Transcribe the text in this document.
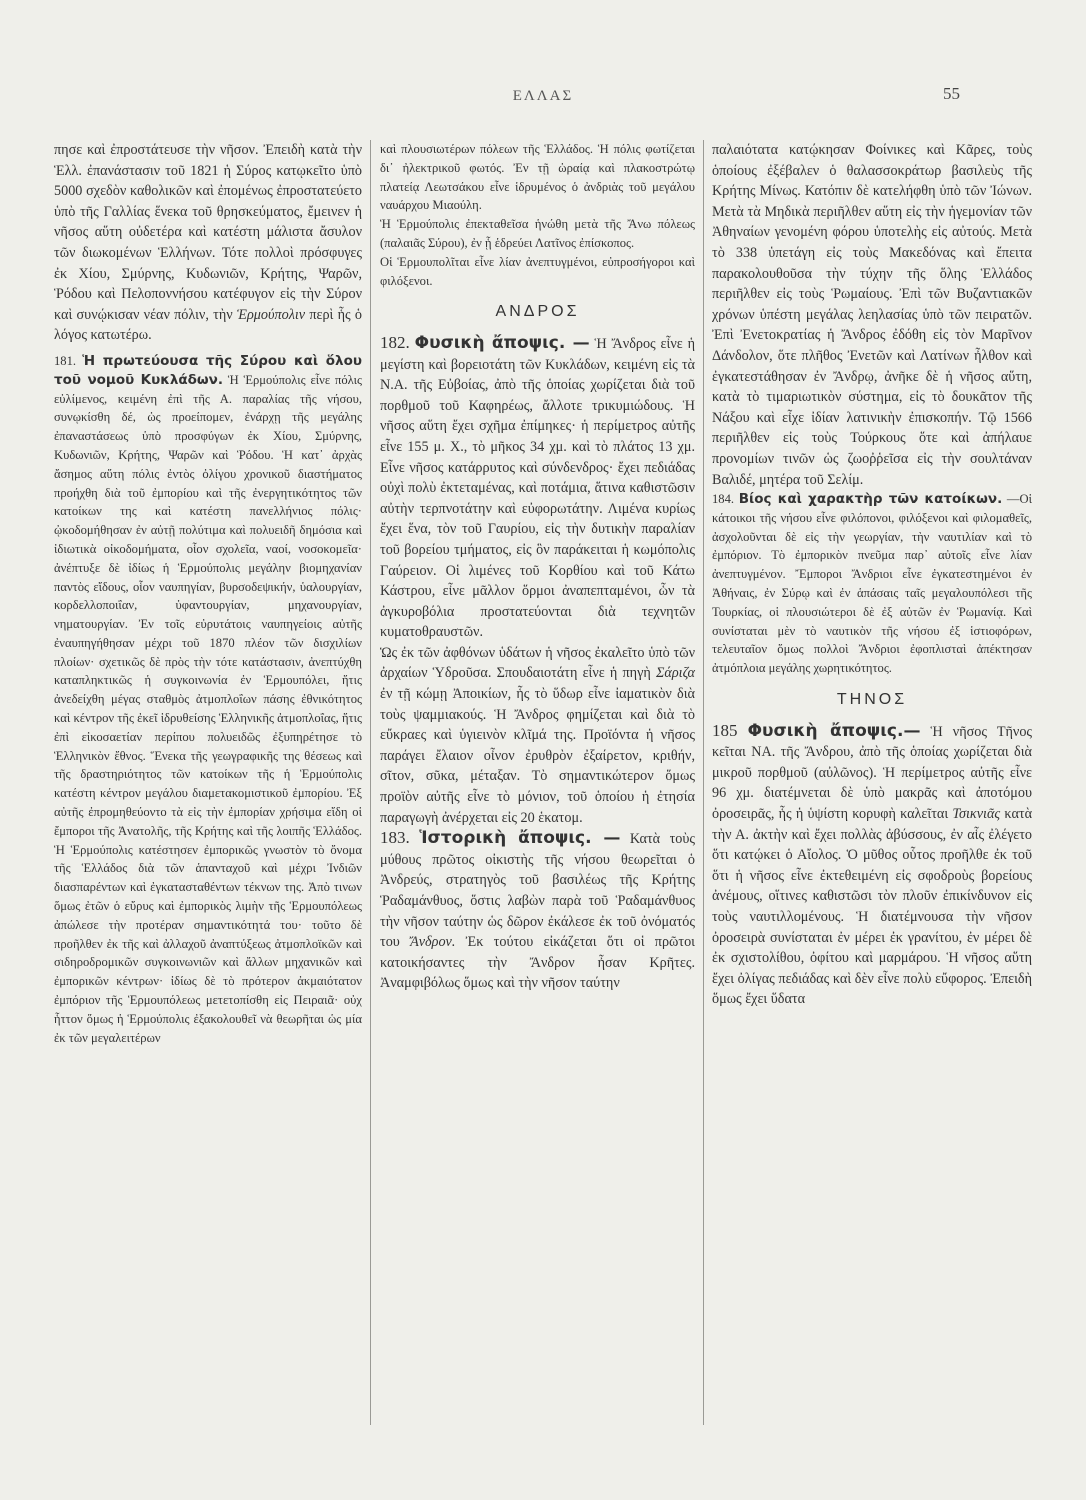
ΕΛΛΑΣ	55

πησε καὶ ἐπροστάτευσε τὴν νῆσον. Ἐπειδὴ κατὰ τὴν Ἑλλ. ἐπανάστασιν τοῦ 1821 ἡ Σύρος κατῳκεῖτο ὑπὸ 5000 σχεδὸν καθολικῶν καὶ ἐπομένως ἐπροστατεύετο ὑπὸ τῆς Γαλλίας ἕνεκα τοῦ θρησκεύματος, ἔμεινεν ἡ νῆσος αὕτη οὐδετέρα καὶ κατέστη μάλιστα ἄσυλον τῶν διωκομένων Ἑλλήνων. Τότε πολλοὶ πρόσφυγες ἐκ Χίου, Σμύρνης, Κυδωνιῶν, Κρήτης, Ψαρῶν, Ῥόδου καὶ Πελοποννήσου κατέφυγον εἰς τὴν Σύρον καὶ συνῴκισαν νέαν πόλιν, τὴν Ἑρμούπολιν περὶ ἧς ὁ λόγος κατωτέρω.

181. Ἡ πρωτεύουσα τῆς Σύρου καὶ ὅλου τοῦ νομοῦ Κυκλάδων. Ἡ Ἑρμούπολις εἶνε πόλις εὐλίμενος, κειμένη ἐπὶ τῆς Α. παραλίας τῆς νήσου, συνῳκίσθη δέ, ὡς προείπομεν, ἐνάρχῃ τῆς μεγάλης ἐπαναστάσεως ὑπὸ προσφύγων ἐκ Χίου, Σμύρνης, Κυδωνιῶν, Κρήτης, Ψαρῶν καὶ Ῥόδου. Ἡ κατ᾿ ἀρχὰς ἄσημος αὕτη πόλις ἐντὸς ὀλίγου χρονικοῦ διαστήματος προήχθη διὰ τοῦ ἐμπορίου καὶ τῆς ἐνεργητικότητος τῶν κατοίκων της καὶ κατέστη πανελλήνιος πόλις· ᾠκοδομήθησαν ἐν αὐτῇ πολύτιμα καὶ πολυειδῆ δημόσια καὶ ἰδιωτικὰ οἰκοδομήματα, οἷον σχολεῖα, ναοί, νοσοκομεῖα· ἀνέπτυξε δὲ ἰδίως ἡ Ἑρμούπολις μεγάλην βιομηχανίαν παντὸς εἴδους, οἷον ναυπηγίαν, βυρσοδεψικήν, ὑαλουργίαν, κορδελλοποιΐαν, ὑφαντουργίαν, μηχανουργίαν, νηματουργίαν. Ἐν τοῖς εὐρυτάτοις ναυπηγείοις αὐτῆς ἐναυπηγήθησαν μέχρι τοῦ 1870 πλέον τῶν δισχιλίων πλοίων· σχετικῶς δὲ πρὸς τὴν τότε κατάστασιν, ἀνεπτύχθη καταπληκτικῶς ἡ συγκοινωνία ἐν Ἑρμουπόλει, ἥτις ἀνεδείχθη μέγας σταθμὸς ἀτμοπλοΐων πάσης ἐθνικότητος καὶ κέντρον τῆς ἐκεῖ ἱδρυθείσης Ἑλληνικῆς ἀτμοπλοΐας, ἥτις ἐπὶ εἰκοσαετίαν περίπου πολυειδῶς ἐξυπηρέτησε τὸ Ἑλληνικὸν ἔθνος. Ἕνεκα τῆς γεωγραφικῆς της θέσεως καὶ τῆς δραστηριότητος τῶν κατοίκων τῆς ἡ Ἑρμούπολις κατέστη κέντρον μεγάλου διαμετακομιστικοῦ ἐμπορίου. Ἐξ αὐτῆς ἐπρομηθεύοντο τὰ εἰς τὴν ἐμπορίαν χρήσιμα εἴδη οἱ ἔμποροι τῆς Ἀνατολῆς, τῆς Κρήτης καὶ τῆς λοιπῆς Ἑλλάδος. Ἡ Ἑρμούπολις κατέστησεν ἐμπορικῶς γνωστὸν τὸ ὄνομα τῆς Ἑλλάδος διὰ τῶν ἁπανταχοῦ καὶ μέχρι Ἰνδιῶν διασπαρέντων καὶ ἐγκατασταθέντων τέκνων της. Ἀπὸ τινων ὅμως ἐτῶν ὁ εὔρυς καὶ ἐμπορικὸς λιμὴν τῆς Ἑρμουπόλεως ἀπώλεσε τὴν προτέραν σημαντικότητά του· τοῦτο δὲ προῆλθεν ἐκ τῆς καὶ ἀλλαχοῦ ἀναπτύξεως ἀτμοπλοϊκῶν καὶ σιδηροδρομικῶν συγκοινωνιῶν καὶ ἄλλων μηχανικῶν καὶ ἐμπορικῶν κέντρων· ἰδίως δὲ τὸ πρότερον ἀκμαιότατον ἐμπόριον τῆς Ἑρμουπόλεως μετετοπίσθη εἰς Πειραιᾶ· οὐχ ἧττον ὅμως ἡ Ἑρμούπολις ἐξακολουθεῖ νὰ θεωρῆται ὡς μία ἐκ τῶν μεγαλειτέρων

καὶ πλουσιωτέρων πόλεων τῆς Ἑλλάδος. Ἡ πόλις φωτίζεται δι᾿ ἠλεκτρικοῦ φωτός. Ἐν τῇ ὡραίᾳ καὶ πλακοστρώτῳ πλατείᾳ Λεωτσάκου εἶνε ἱδρυμένος ὁ ἀνδριὰς τοῦ μεγάλου ναυάρχου Μιαούλη.

Ἡ Ἑρμούπολις ἐπεκταθεῖσα ἡνώθη μετὰ τῆς Ἄνω πόλεως (παλαιᾶς Σύρου), ἐν ᾗ ἑδρεύει Λατῖνος ἐπίσκοπος.

Οἱ Ἑρμουπολῖται εἶνε λίαν ἀνεπτυγμένοι, εὐπροσήγοροι καὶ φιλόξενοι.

ΑΝΔΡΟΣ

182. Φυσικὴ ἄποψις. — Ἡ Ἄνδρος εἶνε ἡ μεγίστη καὶ βορειοτάτη τῶν Κυκλάδων, κειμένη εἰς τὰ Ν.Α. τῆς Εὐβοίας, ἀπὸ τῆς ὁποίας χωρίζεται διὰ τοῦ πορθμοῦ τοῦ Καφηρέως, ἄλλοτε τρικυμιώδους. Ἡ νῆσος αὕτη ἔχει σχῆμα ἐπίμηκες· ἡ περίμετρος αὐτῆς εἶνε 155 μ. Χ., τὸ μῆκος 34 χμ. καὶ τὸ πλάτος 13 χμ. Εἶνε νῆσος κατάρρυτος καὶ σύνδενδρος· ἔχει πεδιάδας οὐχὶ πολὺ ἐκτεταμένας, καὶ ποτάμια, ἅτινα καθιστῶσιν αὐτὴν τερπνοτάτην καὶ εὐφορωτάτην. Λιμένα κυρίως ἔχει ἕνα, τὸν τοῦ Γαυρίου, εἰς τὴν δυτικὴν παραλίαν τοῦ βορείου τμήματος, εἰς ὃν παράκειται ἡ κωμόπολις Γαύρειον. Οἱ λιμένες τοῦ Κορθίου καὶ τοῦ Κάτω Κάστρου, εἶνε μᾶλλον ὅρμοι ἀναπεπταμένοι, ὧν τὰ ἀγκυροβόλια προστατεύονται διὰ τεχνητῶν κυματοθραυστῶν.

Ὡς ἐκ τῶν ἀφθόνων ὑδάτων ἡ νῆσος ἐκαλεῖτο ὑπὸ τῶν ἀρχαίων Ὑδροῦσα. Σπουδαιοτάτη εἶνε ἡ πηγὴ Σάριζα ἐν τῇ κώμῃ Ἀποικίων, ἧς τὸ ὕδωρ εἶνε ἰαματικὸν διὰ τοὺς ψαμμιακούς. Ἡ Ἄνδρος φημίζεται καὶ διὰ τὸ εὔκραες καὶ ὑγιεινὸν κλῖμά της. Προϊόντα ἡ νῆσος παράγει ἔλαιον οἶνον ἐρυθρὸν ἐξαίρετον, κριθήν, σῖτον, σῦκα, μέταξαν. Τὸ σημαντικώτερον ὅμως προϊὸν αὐτῆς εἶνε τὸ μόνιον, τοῦ ὁποίου ἡ ἐτησία παραγωγὴ ἀνέρχεται εἰς 20 ἑκατομ.

183. Ἱστορικὴ ἄποψις. — Κατὰ τοὺς μύθους πρῶτος οἰκιστὴς τῆς νήσου θεωρεῖται ὁ Ἀνδρεύς, στρατηγὸς τοῦ βασιλέως τῆς Κρήτης Ῥαδαμάνθυος, ὅστις λαβὼν παρὰ τοῦ Ῥαδαμάνθυος τὴν νῆσον ταύτην ὡς δῶρον ἐκάλεσε ἐκ τοῦ ὀνόματός του Ἄνδρον. Ἐκ τούτου εἰκάζεται ὅτι οἱ πρῶτοι κατοικήσαντες τὴν Ἄνδρον ἦσαν Κρῆτες. Ἀναμφιβόλως ὅμως καὶ τὴν νῆσον ταύτην

παλαιότατα κατῴκησαν Φοίνικες καὶ Κᾶρες, τοὺς ὁποίους ἐξέβαλεν ὁ θαλασσοκράτωρ βασιλεὺς τῆς Κρήτης Μίνως. Κατόπιν δὲ κατελήφθη ὑπὸ τῶν Ἰώνων. Μετὰ τὰ Μηδικὰ περιῆλθεν αὕτη εἰς τὴν ἡγεμονίαν τῶν Ἀθηναίων γενομένη φόρου ὑποτελὴς εἰς αὐτούς. Μετὰ τὸ 338 ὑπετάγη εἰς τοὺς Μακεδόνας καὶ ἔπειτα παρακολουθοῦσα τὴν τύχην τῆς ὅλης Ἑλλάδος περιῆλθεν εἰς τοὺς Ῥωμαίους. Ἐπὶ τῶν Βυζαντιακῶν χρόνων ὑπέστη μεγάλας λεηλασίας ὑπὸ τῶν πειρατῶν. Ἐπὶ Ἐνετοκρατίας ἡ Ἄνδρος ἐδόθη εἰς τὸν Μαρῖνον Δάνδολον, ὅτε πλῆθος Ἐνετῶν καὶ Λατίνων ἦλθον καὶ ἐγκατεστάθησαν ἐν Ἄνδρῳ, ἀνῆκε δὲ ἡ νῆσος αὕτη, κατὰ τὸ τιμαριωτικὸν σύστημα, εἰς τὸ δουκᾶτον τῆς Νάξου καὶ εἶχε ἰδίαν λατινικὴν ἐπισκοπήν. Τῷ 1566 περιῆλθεν εἰς τοὺς Τούρκους ὅτε καὶ ἀπήλαυε προνομίων τινῶν ὡς ζωοῤῥεῖσα εἰς τὴν σουλτάναν Βαλιδέ, μητέρα τοῦ Σελίμ.

184. Βίος καὶ χαρακτὴρ τῶν κατοίκων. —Οἱ κάτοικοι τῆς νήσου εἶνε φιλόπονοι, φιλόξενοι καὶ φιλομαθεῖς, ἀσχολοῦνται δὲ εἰς τὴν γεωργίαν, τὴν ναυτιλίαν καὶ τὸ ἐμπόριον. Τὸ ἐμπορικὸν πνεῦμα παρ᾿ αὐτοῖς εἶνε λίαν ἀνεπτυγμένον. Ἔμποροι Ἄνδριοι εἶνε ἐγκατεστημένοι ἐν Ἀθήναις, ἐν Σύρῳ καὶ ἐν ἁπάσαις ταῖς μεγαλουπόλεσι τῆς Τουρκίας, οἱ πλουσιώτεροι δὲ ἐξ αὐτῶν ἐν Ῥωμανίᾳ. Καὶ συνίσταται μὲν τὸ ναυτικὸν τῆς νήσου ἐξ ἱστιοφόρων, τελευταῖον ὅμως πολλοὶ Ἄνδριοι ἐφοπλισταὶ ἀπέκτησαν ἀτμόπλοια μεγάλης χωρητικότητος.

ΤΗΝΟΣ

185 Φυσικὴ ἄποψις.— Ἡ νῆσος Τῆνος κεῖται ΝΑ. τῆς Ἄνδρου, ἀπὸ τῆς ὁποίας χωρίζεται διὰ μικροῦ πορθμοῦ (αὐλῶνος). Ἡ περίμετρος αὐτῆς εἶνε 96 χμ. διατέμνεται δὲ ὑπὸ μακρᾶς καὶ ἀποτόμου ὀροσειρᾶς, ἧς ἡ ὑψίστη κορυφὴ καλεῖται Τσικνιᾶς κατὰ τὴν Α. ἀκτὴν καὶ ἔχει πολλὰς ἀβύσσους, ἐν αἷς ἐλέγετο ὅτι κατῴκει ὁ Αἴολος. Ὁ μῦθος οὗτος προῆλθε ἐκ τοῦ ὅτι ἡ νῆσος εἶνε ἐκτεθειμένη εἰς σφοδροὺς βορείους ἀνέμους, οἵτινες καθιστῶσι τὸν πλοῦν ἐπικίνδυνον εἰς τοὺς ναυτιλλομένους. Ἡ διατέμνουσα τὴν νῆσον ὀροσειρὰ συνίσταται ἐν μέρει ἐκ γρανίτου, ἐν μέρει δὲ ἐκ σχιστολίθου, ὀφίτου καὶ μαρμάρου. Ἡ νῆσος αὕτη ἔχει ὀλίγας πεδιάδας καὶ δὲν εἶνε πολὺ εὔφορος. Ἐπειδὴ ὅμως ἔχει ὕδατα
